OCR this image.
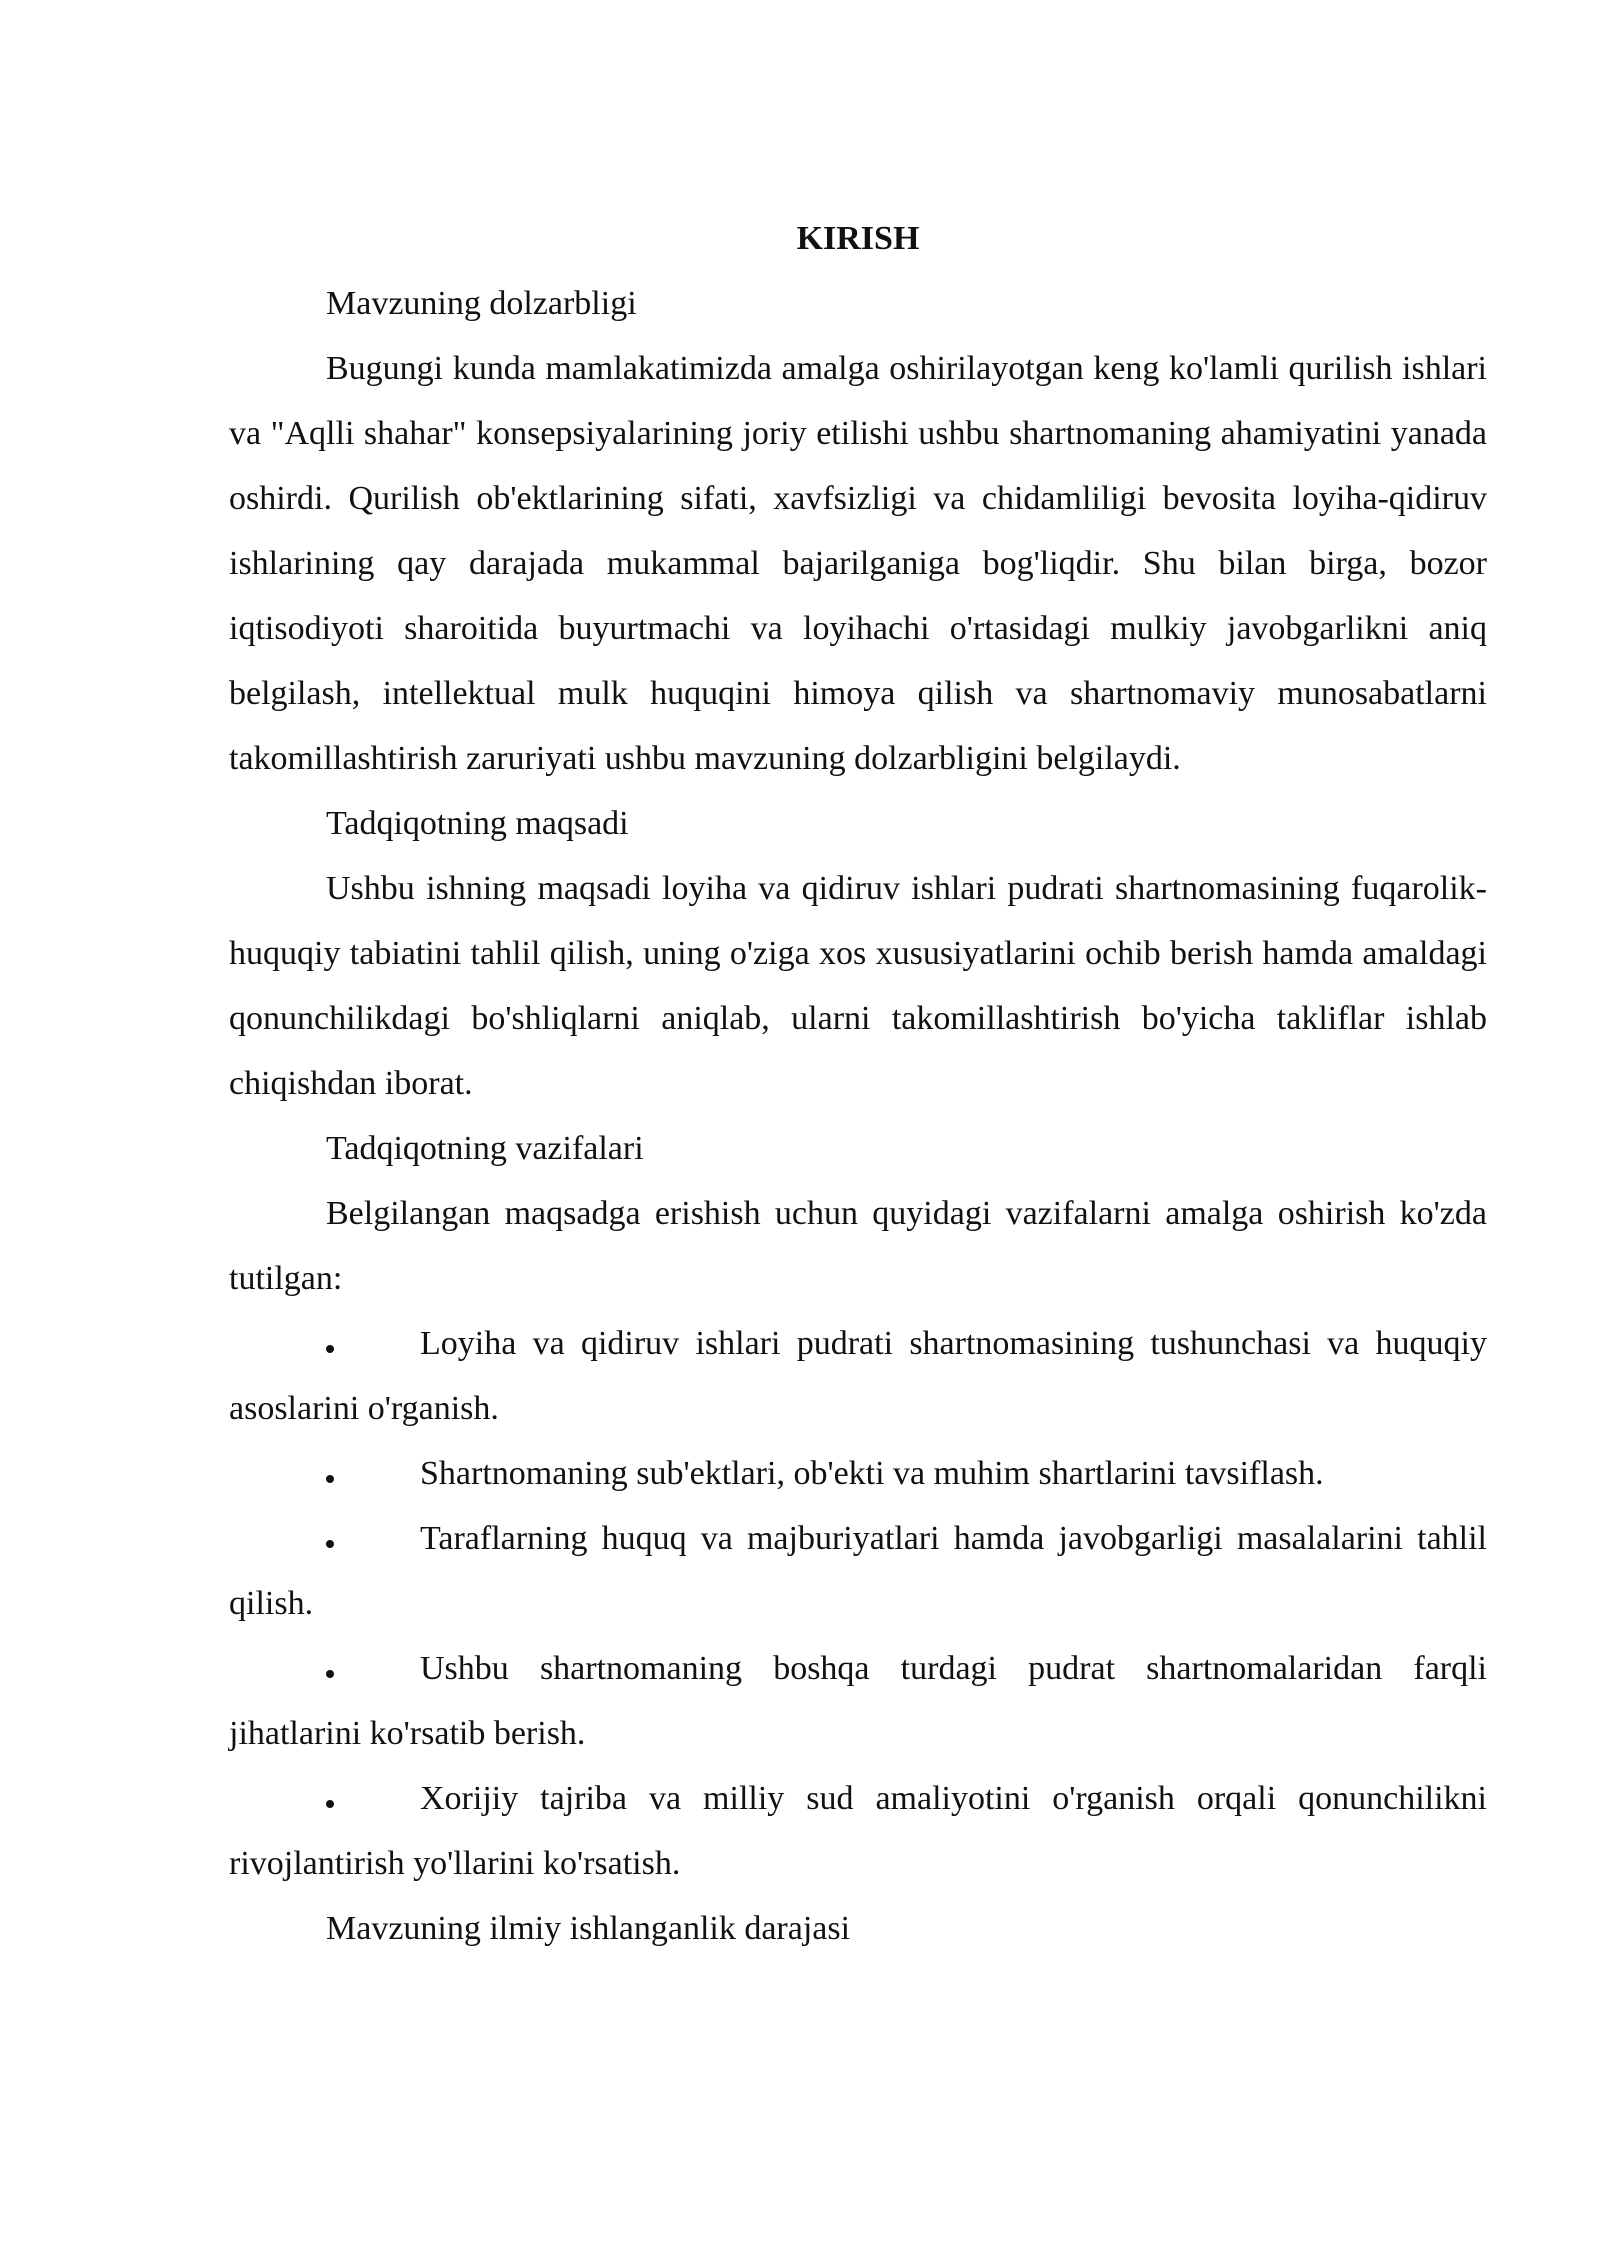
KIRISH

Mavzuning dolzarbligi

Bugungi kunda mamlakatimizda amalga oshirilayotgan keng ko'lamli qurilish ishlari va "Aqlli shahar" konsepsiyalarining joriy etilishi ushbu shartnomaning ahamiyatini yanada oshirdi. Qurilish ob'ektlarining sifati, xavfsizligi va chidamliligi bevosita loyiha-qidiruv ishlarining qay darajada mukammal bajarilganiga bog'liqdir. Shu bilan birga, bozor iqtisodiyoti sharoitida buyurtmachi va loyihachi o'rtasidagi mulkiy javobgarlikni aniq belgilash, intellektual mulk huquqini himoya qilish va shartnomaviy munosabatlarni takomillashtirish zaruriyati ushbu mavzuning dolzarbligini belgilaydi.

Tadqiqotning maqsadi

Ushbu ishning maqsadi loyiha va qidiruv ishlari pudrati shartnomasining fuqarolik-huquqiy tabiatini tahlil qilish, uning o'ziga xos xususiyatlarini ochib berish hamda amaldagi qonunchilikdagi bo'shliqlarni aniqlab, ularni takomillashtirish bo'yicha takliflar ishlab chiqishdan iborat.

Tadqiqotning vazifalari

Belgilangan maqsadga erishish uchun quyidagi vazifalarni amalga oshirish ko'zda tutilgan:

Loyiha va qidiruv ishlari pudrati shartnomasining tushunchasi va huquqiy asoslarini o'rganish.

Shartnomaning sub'ektlari, ob'ekti va muhim shartlarini tavsiflash.

Taraflarning huquq va majburiyatlari hamda javobgarligi masalalarini tahlil qilish.

Ushbu shartnomaning boshqa turdagi pudrat shartnomalaridan farqli jihatlarini ko'rsatib berish.

Xorijiy tajriba va milliy sud amaliyotini o'rganish orqali qonunchilikni rivojlantirish yo'llarini ko'rsatish.

Mavzuning ilmiy ishlanganlik darajasi
